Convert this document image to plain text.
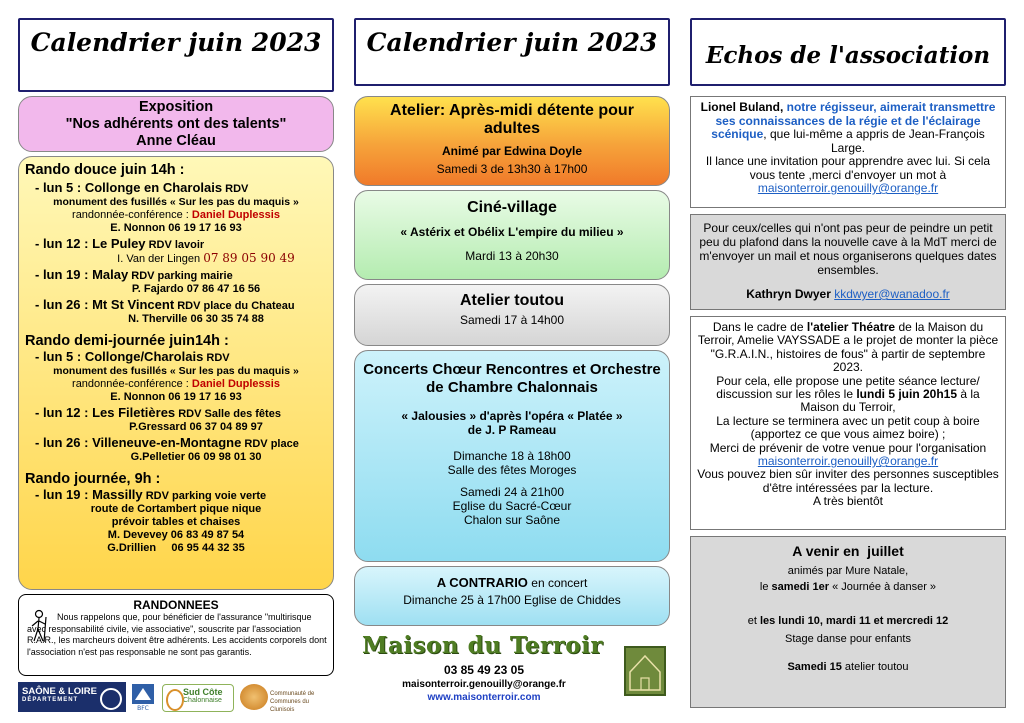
Calendrier juin 2023
Exposition
"Nos adhérents ont des talents"
Anne Cléau
Rando douce juin 14h :
- lun 5 : Collonge en Charolais RDV
monument des fusillés « Sur les pas du maquis »
randonnée-conférence : Daniel Duplessis
E. Nonnon 06 19 17 16 93
- lun 12 : Le Puley RDV lavoir
I. Van der Lingen 07 89 05 90 49
- lun 19 : Malay RDV parking mairie
P. Fajardo 07 86 47 16 56
- lun 26 : Mt St Vincent RDV place du Chateau
N. Therville 06 30 35 74 88
Rando demi-journée juin14h :
- lun 5 : Collonge/Charolais RDV
monument des fusillés « Sur les pas du maquis »
randonnée-conférence : Daniel Duplessis
E. Nonnon 06 19 17 16 93
- lun 12 : Les Filetières RDV Salle des fêtes
P.Gressard 06 37 04 89 97
- lun 26 : Villeneuve-en-Montagne RDV place
G.Pelletier 06 09 98 01 30
Rando journée, 9h :
- lun 19 : Massilly RDV parking voie verte
route de Cortambert pique nique
prévoir tables et chaises
M. Devevey 06 83 49 87 54
G.Drillien     06 95 44 32 35
RANDONNEES
Nous rappelons que, pour bénéficier de l'assurance "multirisque avec responsabilité civile, vie associative", souscrite par l'association R.A.R., les marcheurs doivent être adhérents. Les accidents corporels dont l'association n'est pas responsable ne sont pas garantis.
SAÔNE & LOIRE
DÉPARTEMENT
BFC
Sud Côte
Chalonnaise
Communauté de
Communes du Clunisois
Calendrier juin 2023
Atelier: Après-midi détente pour adultes
Animé par Edwina Doyle
Samedi 3 de 13h30 à 17h00
Ciné-village
« Astérix et Obélix L'empire du milieu »
Mardi 13 à 20h30
Atelier toutou
Samedi 17 à 14h00
Concerts Chœur Rencontres et Orchestre de Chambre Chalonnais
« Jalousies » d'après l'opéra « Platée »
de J. P Rameau
Dimanche 18 à 18h00
Salle des fêtes Moroges
Samedi 24 à 21h00
Eglise du Sacré-Cœur
Chalon sur Saône
A CONTRARIO en concert
Dimanche 25 à 17h00 Eglise de Chiddes
Maison du Terroir
03 85 49 23 05
maisonterroir.genouilly@orange.fr
www.maisonterroir.com
Echos de l'association
Lionel Buland, notre régisseur, aimerait transmettre ses connaissances de la régie et de l'éclairage scénique, que lui-même a appris de Jean-François Large.
Il lance une invitation pour apprendre avec lui. Si cela vous tente ,merci d'envoyer un mot à
maisonterroir.genouilly@orange.fr
Pour ceux/celles qui n'ont pas peur de peindre un petit peu du plafond dans la nouvelle cave à la MdT merci de m'envoyer un mail et nous organiserons quelques dates ensembles.
Kathryn Dwyer kkdwyer@wanadoo.fr
Dans le cadre de l'atelier Théatre de la Maison du Terroir, Amelie VAYSSADE a le projet de monter la pièce "G.R.A.I.N., histoires de fous" à partir de septembre 2023.
Pour cela, elle propose une petite séance lecture/ discussion sur les rôles le lundi 5 juin 20h15 à la Maison du Terroir,
La lecture se terminera avec un petit coup à boire (apportez ce que vous aimez boire) ;
Merci de prévenir de votre venue pour l'organisation
maisonterroir.genouilly@orange.fr
Vous pouvez bien sûr inviter des personnes susceptibles d'être intéressées par la lecture.
A très bientôt
A venir en  juillet
animés par Mure Natale,
le samedi 1er « Journée à danser »
et les lundi 10, mardi 11 et mercredi 12
Stage danse pour enfants
Samedi 15 atelier toutou
